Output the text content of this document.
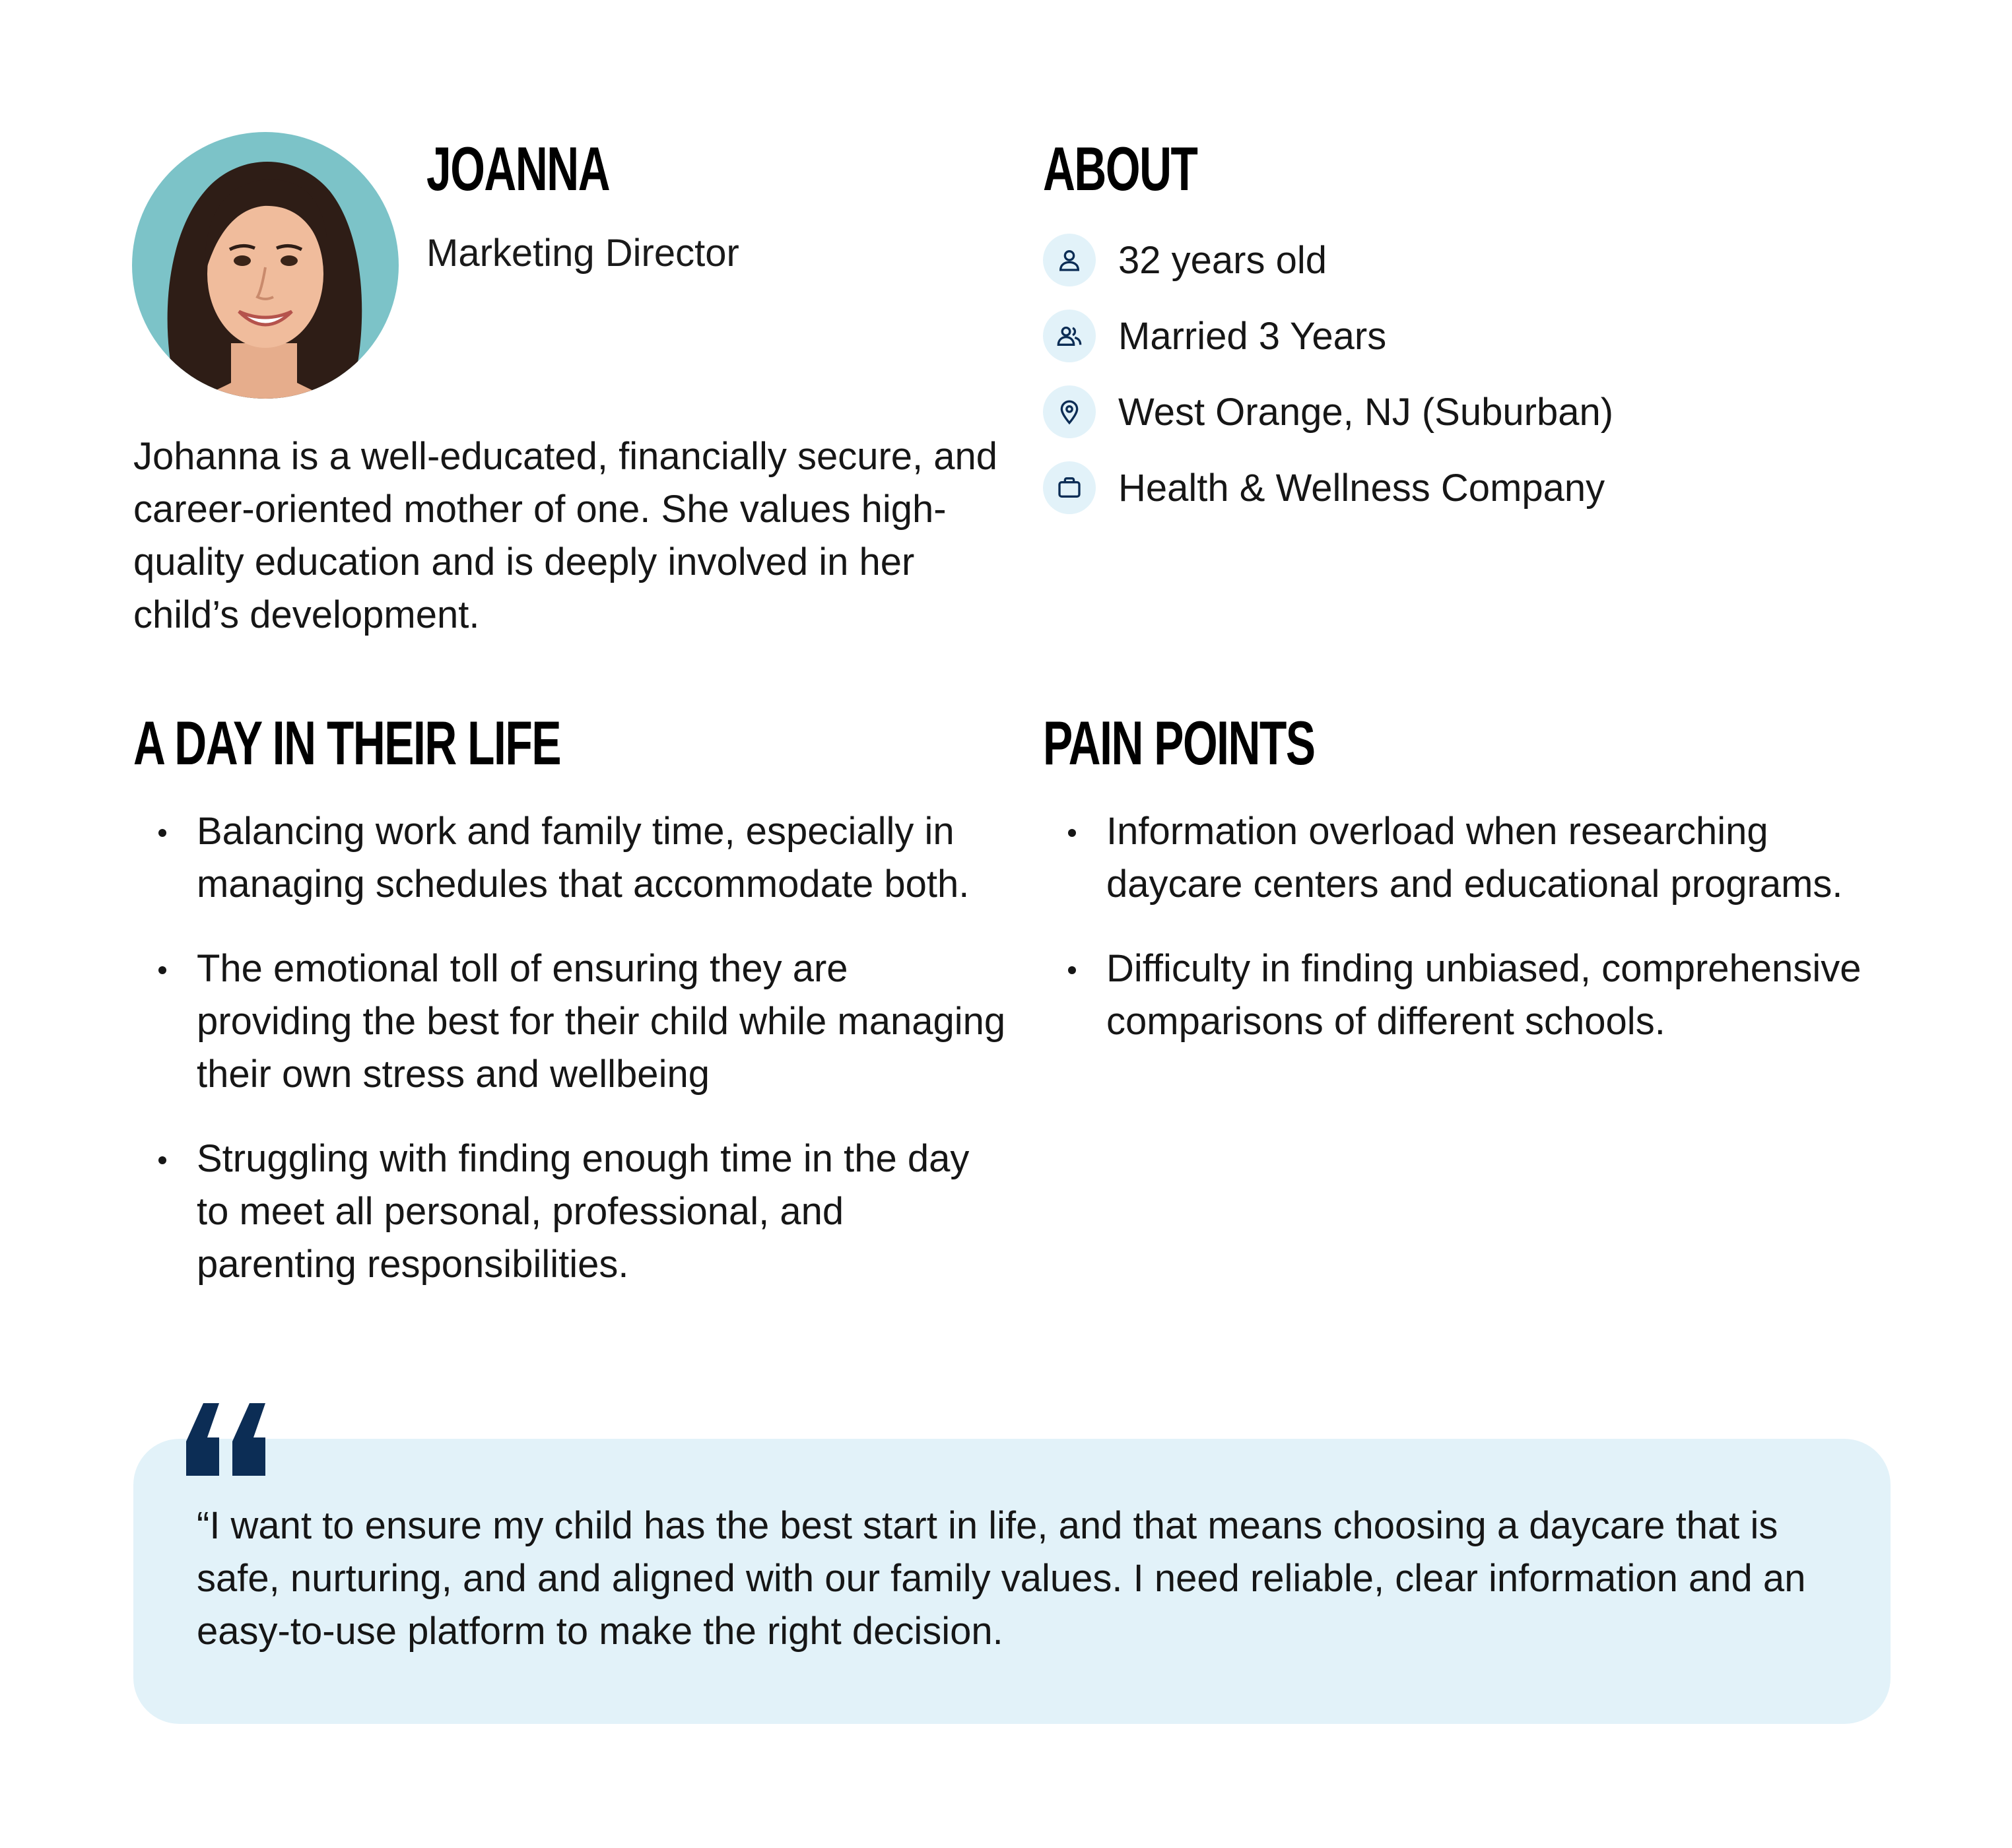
JOANNA
Marketing Director
Johanna is a well-educated, financially secure, and career-oriented mother of one. She values high-quality education and is deeply involved in her child’s development.
ABOUT
32 years old
Married 3 Years
West Orange, NJ (Suburban)
Health & Wellness Company
A DAY IN THEIR LIFE
Balancing work and family time, especially in managing schedules that accommodate both.
The emotional toll of ensuring they are providing the best for their child while managing their own stress and wellbeing
Struggling with finding enough time in the day to meet all personal, professional, and parenting responsibilities.
PAIN POINTS
Information overload when researching daycare centers and educational programs.
Difficulty in finding unbiased, comprehensive comparisons of different schools.
“I want to ensure my child has the best start in life, and that means choosing a daycare that is safe, nurturing, and and aligned with our family values. I need reliable, clear information and an easy-to-use platform to make the right decision.
